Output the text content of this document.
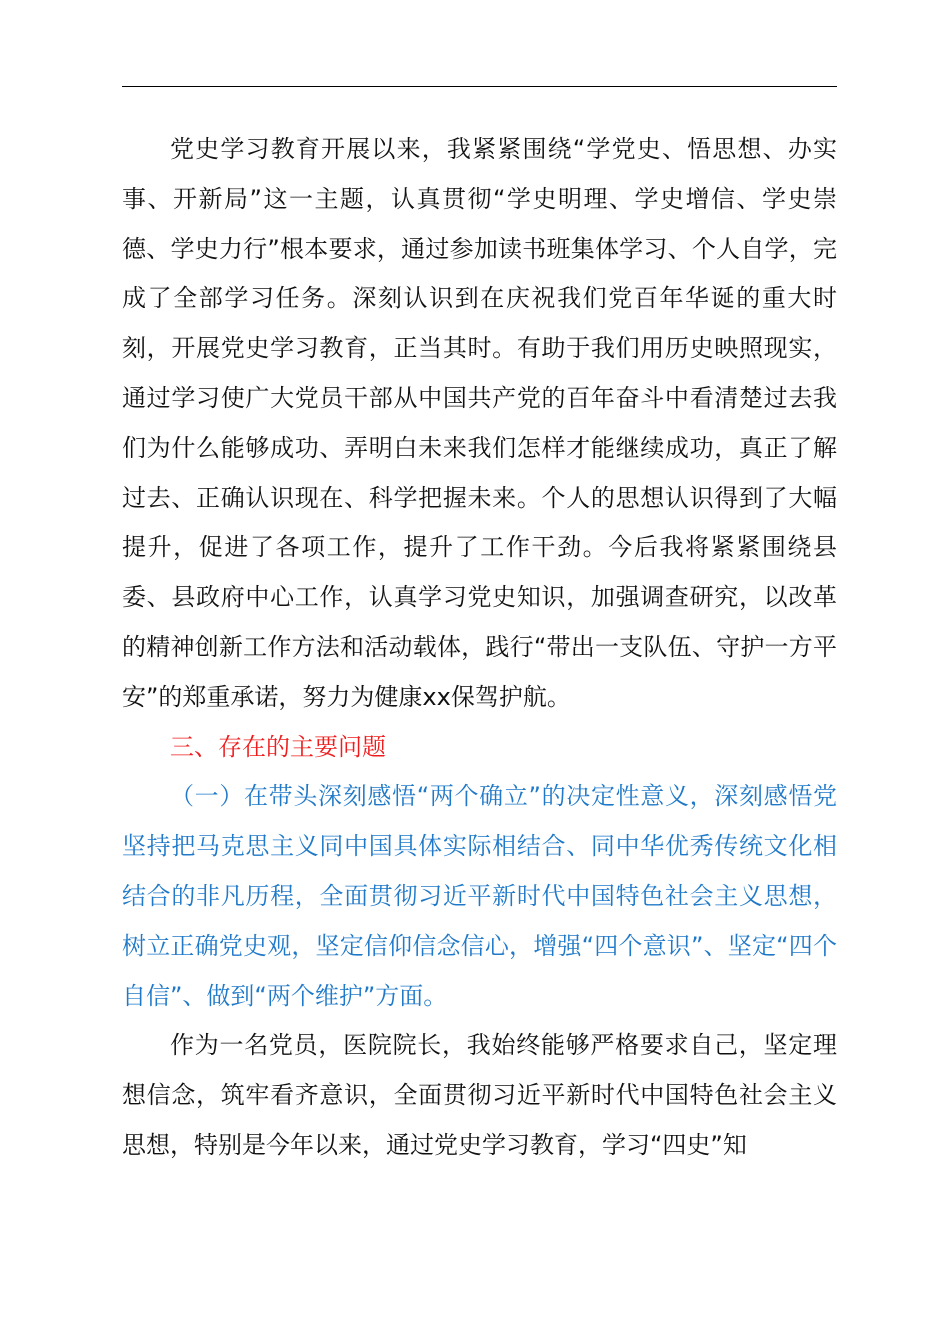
党史学习教育开展以来，我紧紧围绕“学党史、悟思想、办实事、开新局”这一主题，认真贯彻“学史明理、学史增信、学史崇德、学史力行”根本要求，通过参加读书班集体学习、个人自学，完成了全部学习任务。深刻认识到在庆祝我们党百年华诞的重大时刻，开展党史学习教育，正当其时。有助于我们用历史映照现实，通过学习使广大党员干部从中国共产党的百年奋斗中看清楚过去我们为什么能够成功、弄明白未来我们怎样才能继续成功，真正了解过去、正确认识现在、科学把握未来。个人的思想认识得到了大幅提升，促进了各项工作，提升了工作干劲。今后我将紧紧围绕县委、县政府中心工作，认真学习党史知识，加强调查研究，以改革的精神创新工作方法和活动载体，践行“带出一支队伍、守护一方平安”的郑重承诺，努力为健康xx保驾护航。

三、存在的主要问题

（一）在带头深刻感悟“两个确立”的决定性意义，深刻感悟党坚持把马克思主义同中国具体实际相结合、同中华优秀传统文化相结合的非凡历程，全面贯彻习近平新时代中国特色社会主义思想，树立正确党史观，坚定信仰信念信心，增强“四个意识”、坚定“四个自信”、做到“两个维护”方面。

作为一名党员，医院院长，我始终能够严格要求自己，坚定理想信念，筑牢看齐意识，全面贯彻习近平新时代中国特色社会主义思想，特别是今年以来，通过党史学习教育，学习“四史”知
